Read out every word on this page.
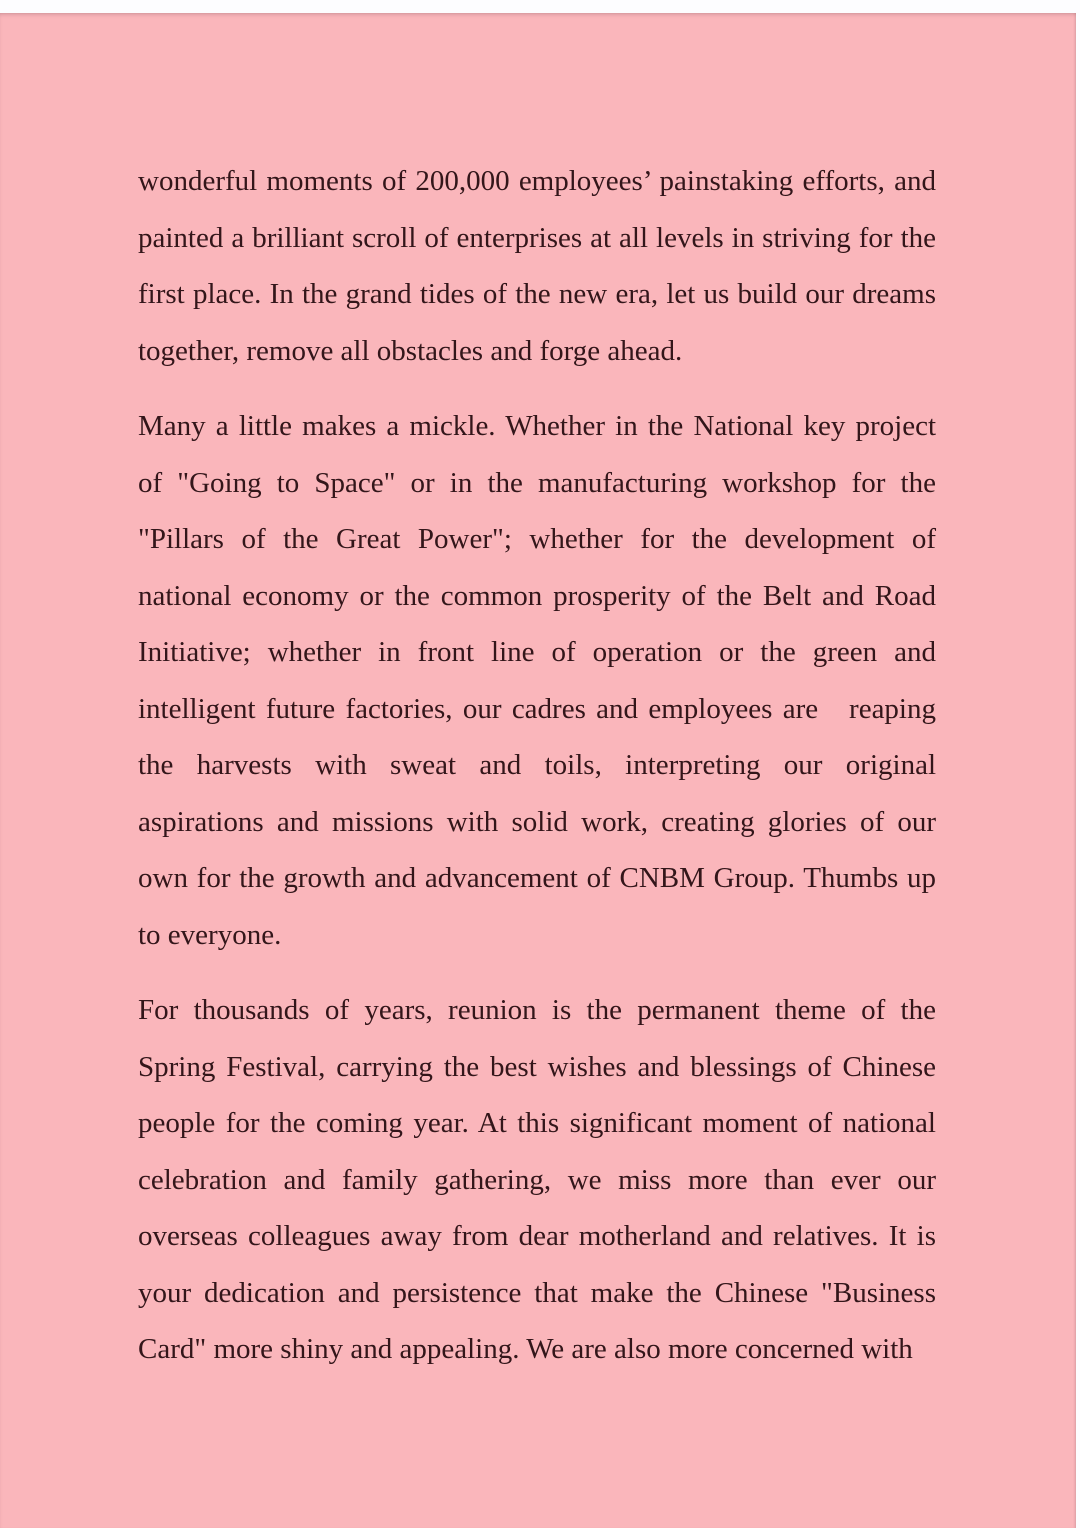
wonderful moments of 200,000 employees’ painstaking efforts, and
painted a brilliant scroll of enterprises at all levels in striving for the
first place. In the grand tides of the new era, let us build our dreams
together, remove all obstacles and forge ahead.
Many a little makes a mickle. Whether in the National key project
of "Going to Space" or in the manufacturing workshop for the
"Pillars of the Great Power"; whether for the development of
national economy or the common prosperity of the Belt and Road
Initiative; whether in front line of operation or the green and
intelligent future factories, our cadres and employees are   reaping
the harvests with sweat and toils, interpreting our original
aspirations and missions with solid work, creating glories of our
own for the growth and advancement of CNBM Group. Thumbs up
to everyone.
For thousands of years, reunion is the permanent theme of the
Spring Festival, carrying the best wishes and blessings of Chinese
people for the coming year. At this significant moment of national
celebration and family gathering, we miss more than ever our
overseas colleagues away from dear motherland and relatives. It is
your dedication and persistence that make the Chinese "Business
Card" more shiny and appealing. We are also more concerned with
